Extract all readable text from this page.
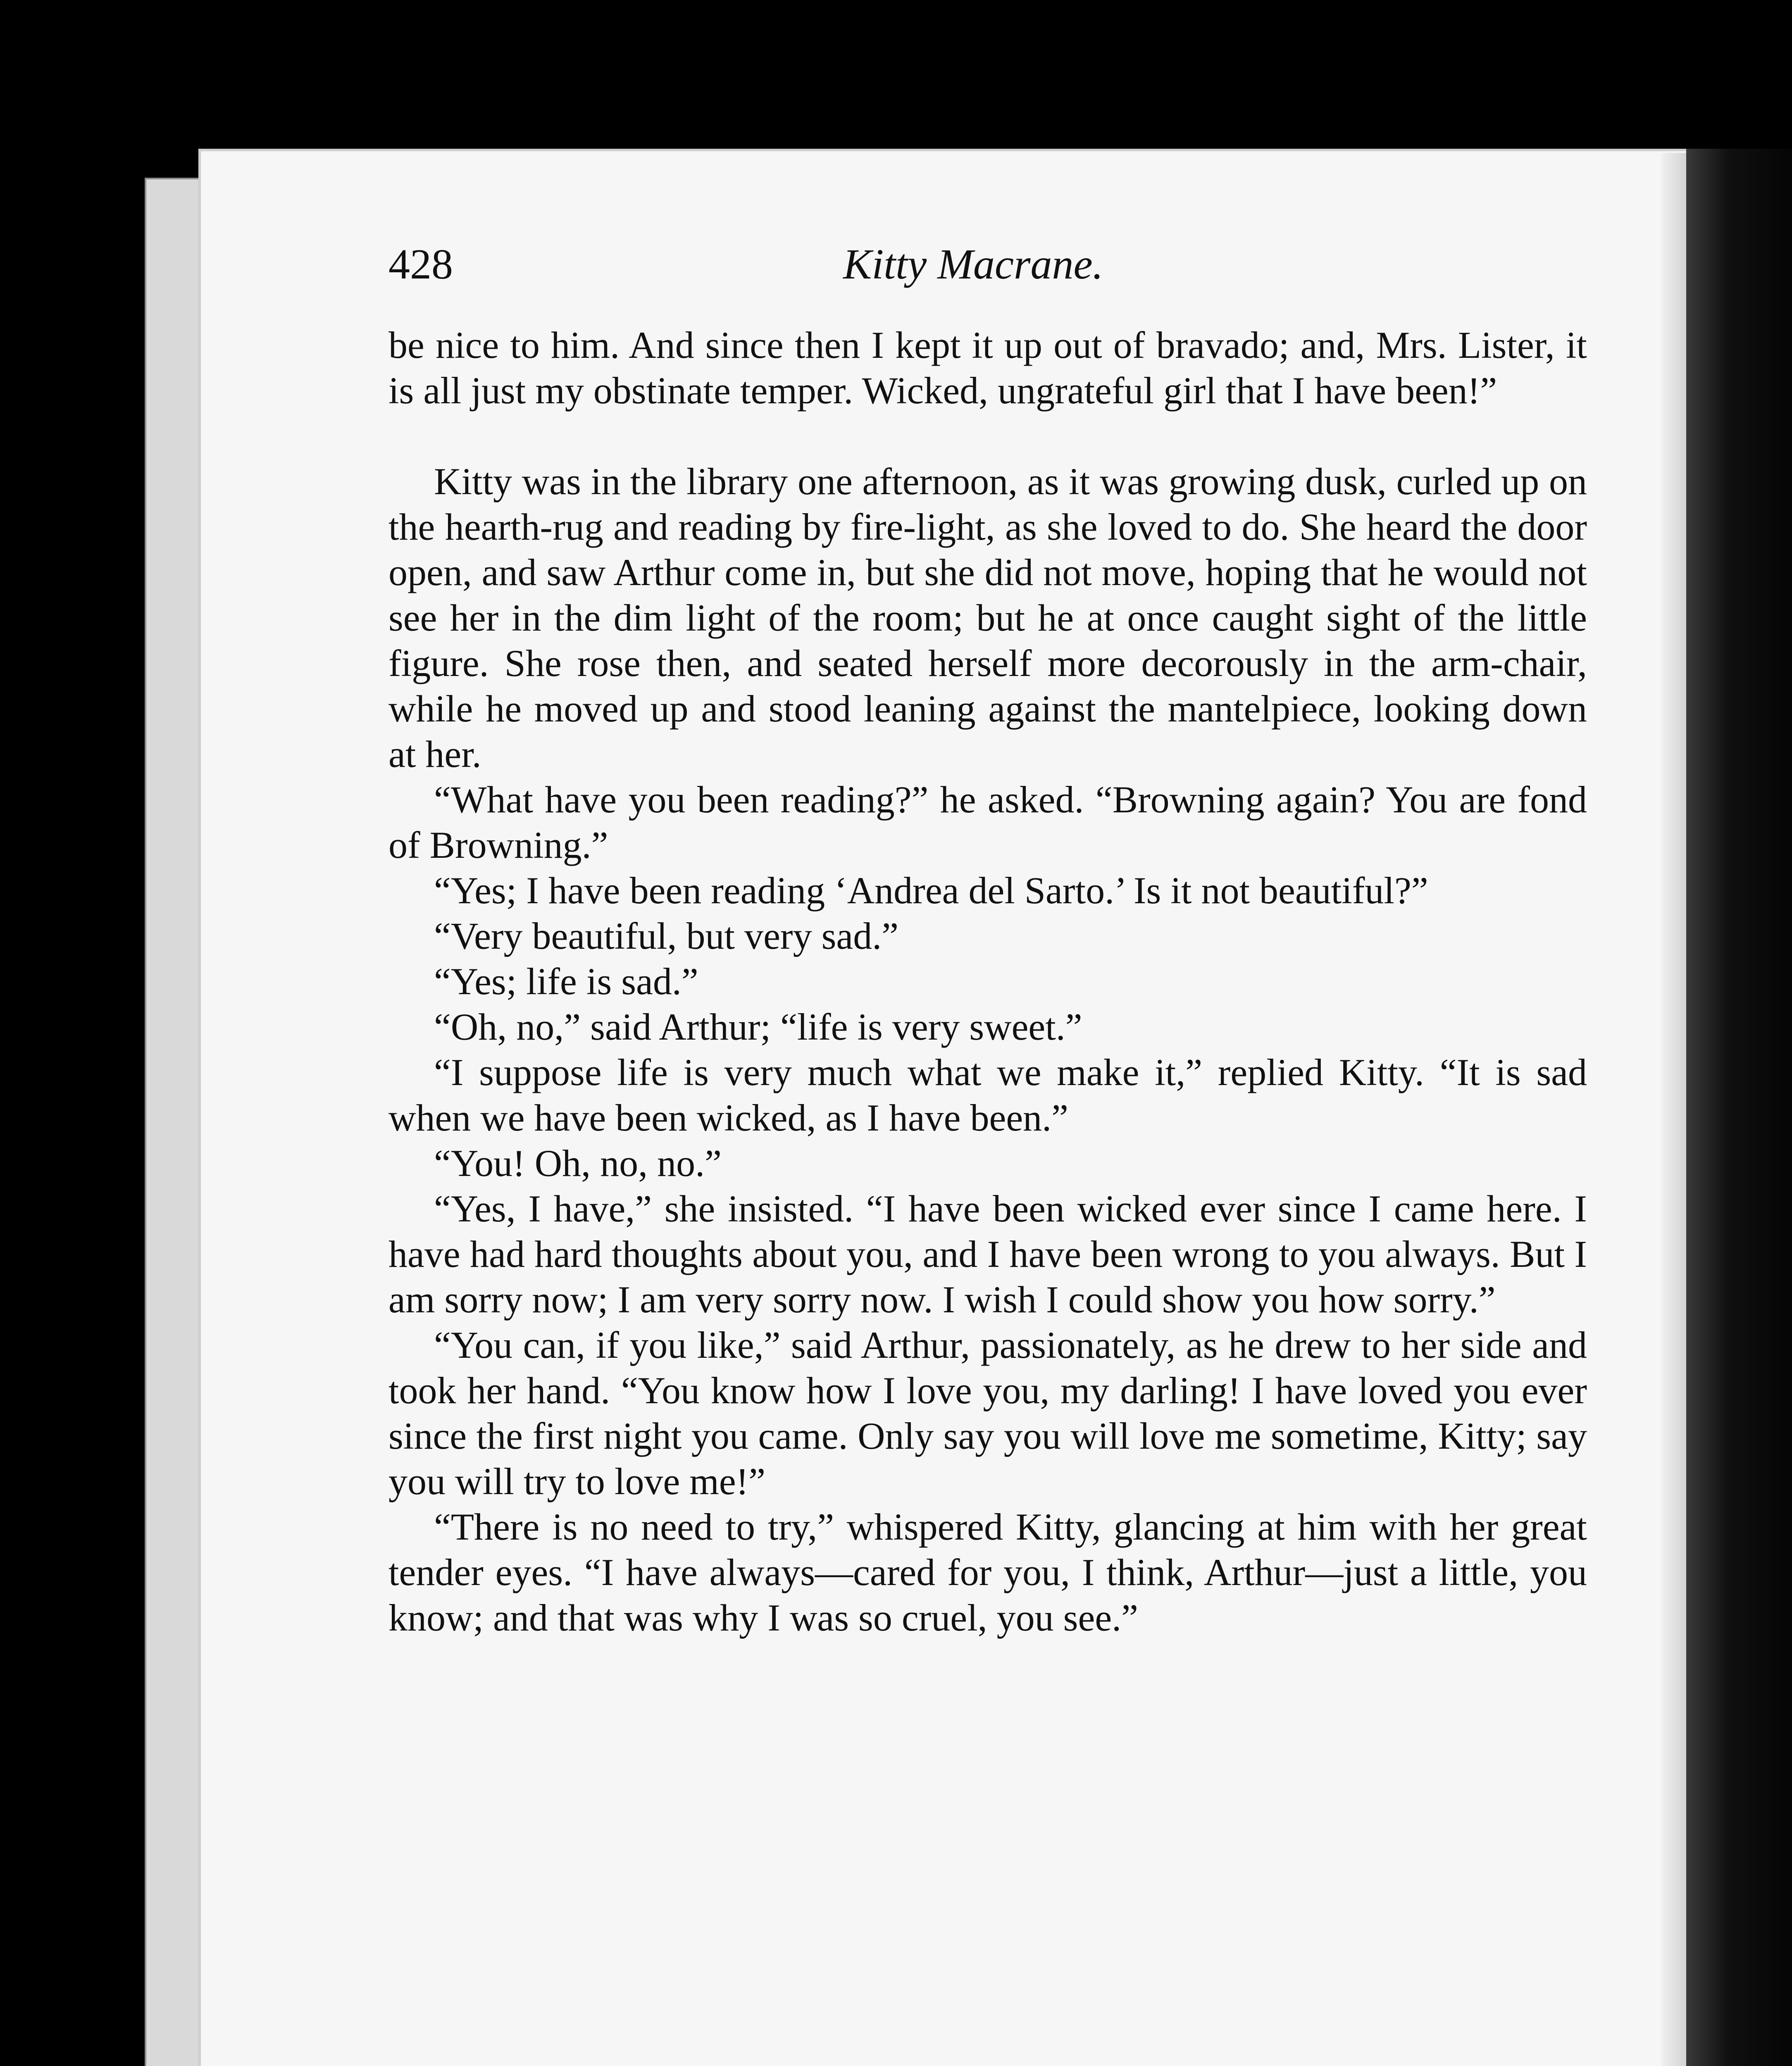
428	Kitty Macrane.

be nice to him. And since then I kept it up out of bravado; and, Mrs. Lister, it is all just my obstinate temper. Wicked, ungrateful girl that I have been!”

Kitty was in the library one afternoon, as it was growing dusk, curled up on the hearth-rug and reading by fire-light, as she loved to do. She heard the door open, and saw Arthur come in, but she did not move, hoping that he would not see her in the dim light of the room; but he at once caught sight of the little figure. She rose then, and seated herself more decorously in the arm-chair, while he moved up and stood leaning against the mantelpiece, looking down at her.

“What have you been reading?” he asked. “Browning again? You are fond of Browning.”

“Yes; I have been reading ‘Andrea del Sarto.’ Is it not beautiful?”

“Very beautiful, but very sad.”

“Yes; life is sad.”

“Oh, no,” said Arthur; “life is very sweet.”

“I suppose life is very much what we make it,” replied Kitty. “It is sad when we have been wicked, as I have been.”

“You! Oh, no, no.”

“Yes, I have,” she insisted. “I have been wicked ever since I came here. I have had hard thoughts about you, and I have been wrong to you always. But I am sorry now; I am very sorry now. I wish I could show you how sorry.”

“You can, if you like,” said Arthur, passionately, as he drew to her side and took her hand. “You know how I love you, my darling! I have loved you ever since the first night you came. Only say you will love me sometime, Kitty; say you will try to love me!”

“There is no need to try,” whispered Kitty, glancing at him with her great tender eyes. “I have always—cared for you, I think, Arthur—just a little, you know; and that was why I was so cruel, you see.”
